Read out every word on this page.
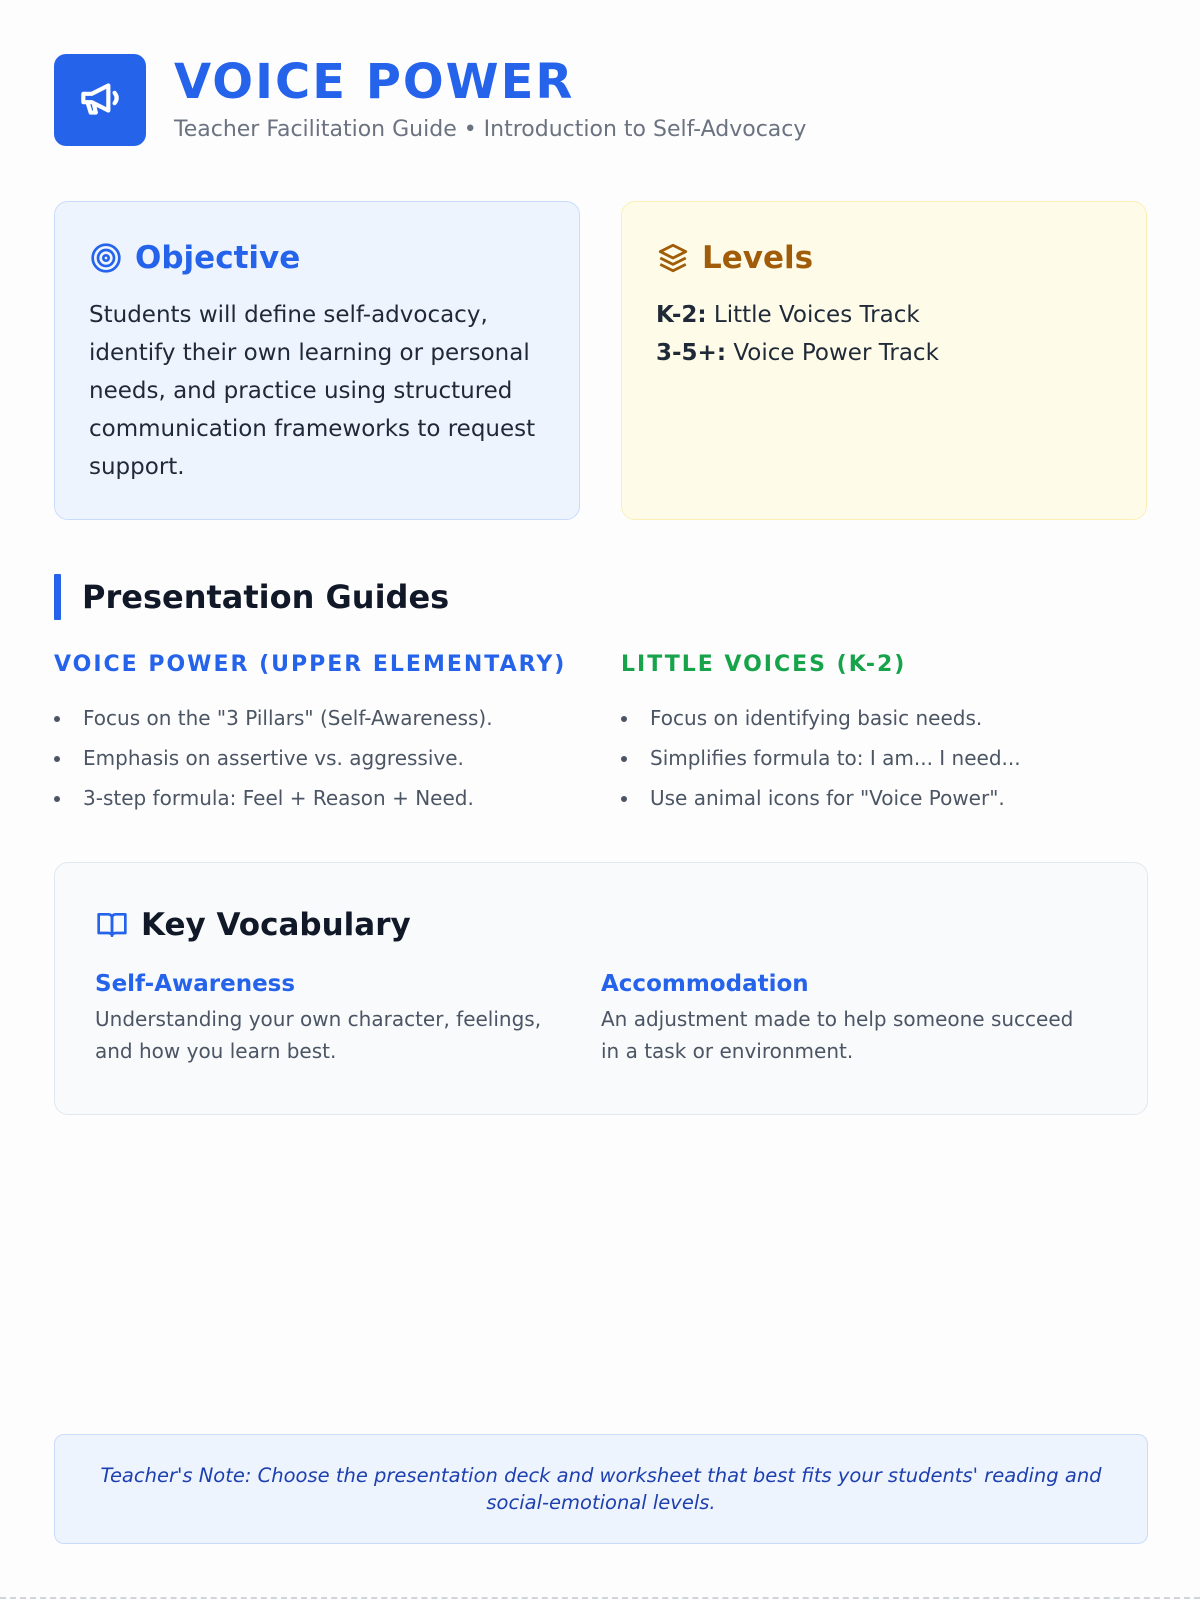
VOICE POWER
Teacher Facilitation Guide • Introduction to Self-Advocacy
Objective
Students will define self-advocacy, identify their own learning or personal needs, and practice using structured communication frameworks to request support.
Levels
K-2: Little Voices Track
3-5+: Voice Power Track
Presentation Guides
VOICE POWER (UPPER ELEMENTARY)
Focus on the "3 Pillars" (Self-Awareness).
Emphasis on assertive vs. aggressive.
3-step formula: Feel + Reason + Need.
LITTLE VOICES (K-2)
Focus on identifying basic needs.
Simplifies formula to: I am... I need...
Use animal icons for "Voice Power".
Key Vocabulary
Self-Awareness
Understanding your own character, feelings, and how you learn best.
Accommodation
An adjustment made to help someone succeed in a task or environment.
Teacher's Note: Choose the presentation deck and worksheet that best fits your students' reading and social-emotional levels.
